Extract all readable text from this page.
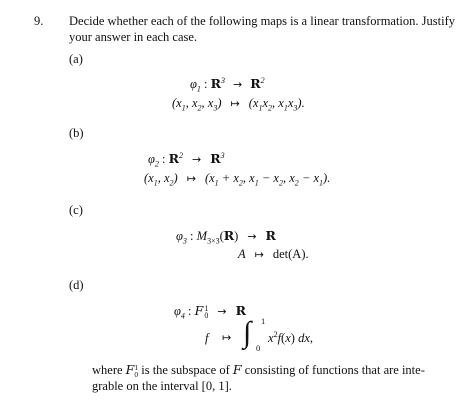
9. Decide whether each of the following maps is a linear transformation. Justify
your answer in each case.
(a)
$\varphi_1$ : $R^3 \to R^2$
($x_1$, $x_2$, $x_3$) ↦ ($x_1x_2$, $x_1x_3$).
(b)
$\varphi_2$ : $R^2 \to R^3$
($x_1$, $x_2$) ↦ ($x_1 + x_2$, $x_1 - x_2$, $x_2 - x_1$).
(c)
$\varphi_3$ : $M_{3\times 3}(R) \to R$
A ↦ det(A).
(d)
$\varphi_4$ : F 1
0 → R
f ↦ ∫ 1
0
$x^2f(x)$ dx,
where F 1
0 is the subspace of F consisting of functions that are inte-
grable on the interval [0, 1].
